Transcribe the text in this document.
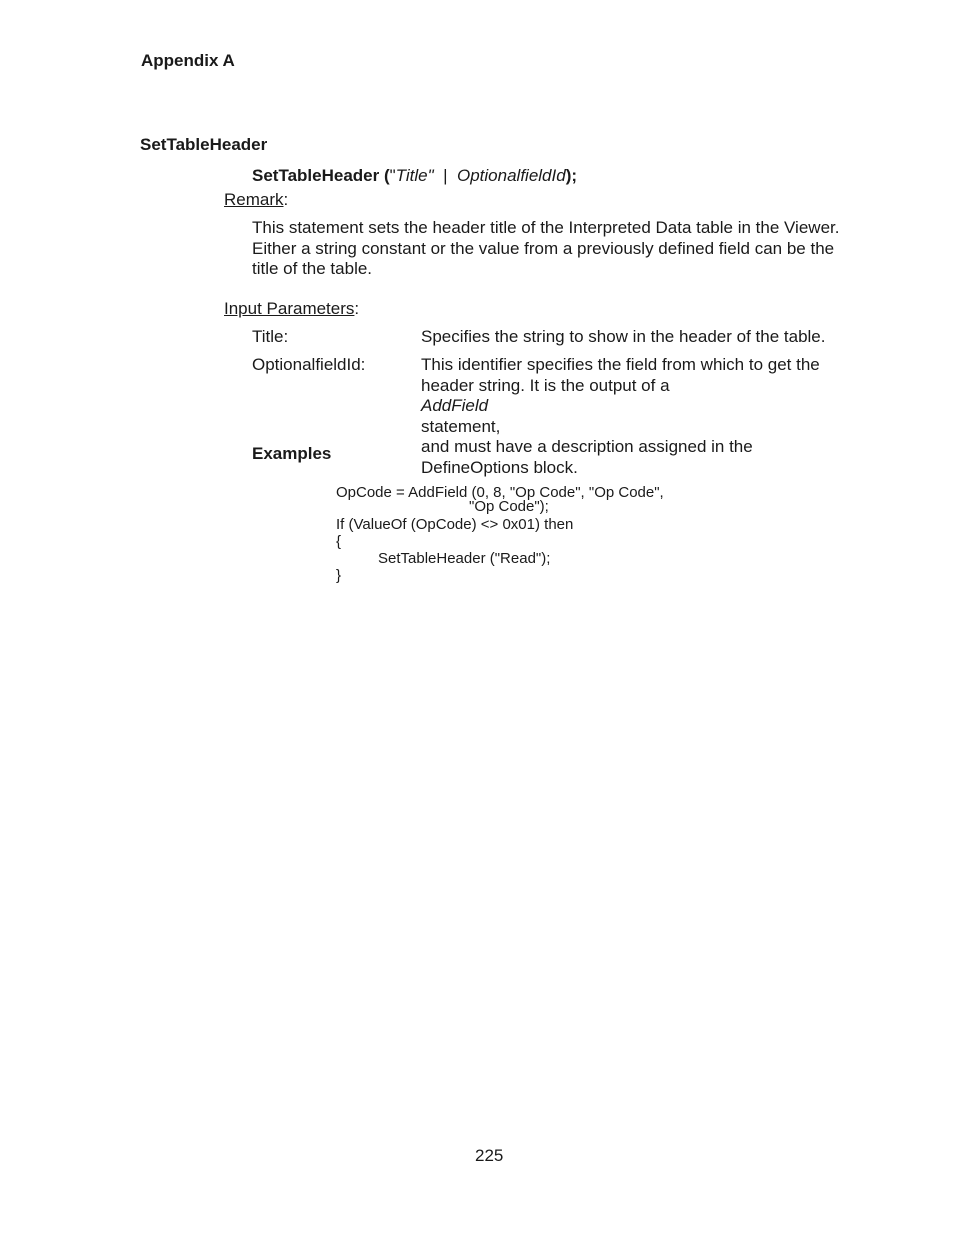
Appendix A
SetTableHeader
SetTableHeader ("Title"  |  OptionalfieldId);
Remark:
This statement sets the header title of the Interpreted Data table in the Viewer.
Either a string constant or the value from a previously defined field can be the
title of the table.
Input Parameters:
Title:	Specifies the string to show in the header of the table.
OptionalfieldId:	This identifier specifies the field from which to get the
header string. It is the output of a
AddField
statement,
and must have a description assigned in the
DefineOptions block.
Examples
OpCode = AddField (0, 8, "Op Code", "Op Code",
"Op Code");
If (ValueOf (OpCode) <> 0x01) then
{
SetTableHeader ("Read");
}
225
